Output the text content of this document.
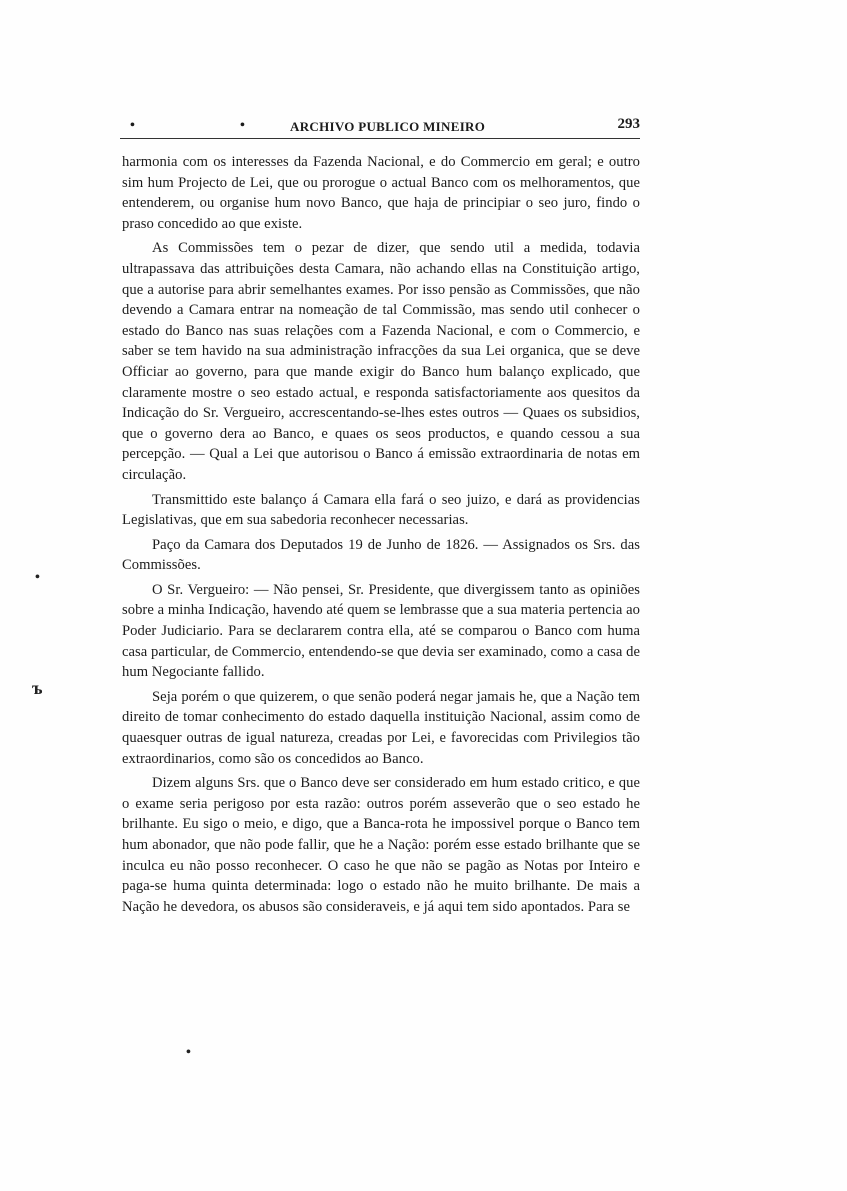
•	•	ARCHIVO PUBLICO MINEIRO	293

harmonia com os interesses da Fazenda Nacional, e do Commercio em geral; e outro sim hum Projecto de Lei, que ou prorogue o actual Banco com os melhoramentos, que entenderem, ou organise hum novo Banco, que haja de principiar o seo juro, findo o praso concedido ao que existe.

As Commissões tem o pezar de dizer, que sendo util a medida, todavia ultrapassava das attribuições desta Camara, não achando ellas na Constituição artigo, que a autorise para abrir semelhantes exames. Por isso pensão as Commissões, que não devendo a Camara entrar na nomeação de tal Commissão, mas sendo util conhecer o estado do Banco nas suas relações com a Fazenda Nacional, e com o Commercio, e saber se tem havido na sua administração infracções da sua Lei organica, que se deve Officiar ao governo, para que mande exigir do Banco hum balanço explicado, que claramente mostre o seo estado actual, e responda satisfactoriamente aos quesitos da Indicação do Sr. Vergueiro, accrescentando-se-lhes estes outros — Quaes os subsidios, que o governo dera ao Banco, e quaes os seos productos, e quando cessou a sua percepção. — Qual a Lei que autorisou o Banco á emissão extraordinaria de notas em circulação.

Transmittido este balanço á Camara ella fará o seo juizo, e dará as providencias Legislativas, que em sua sabedoria reconhecer necessarias.

Paço da Camara dos Deputados 19 de Junho de 1826. — Assignados os Srs. das Commissões.

O Sr. Vergueiro: — Não pensei, Sr. Presidente, que divergissem tanto as opiniões sobre a minha Indicação, havendo até quem se lembrasse que a sua materia pertencia ao Poder Judiciario. Para se declararem contra ella, até se comparou o Banco com huma casa particular, de Commercio, entendendo-se que devia ser examinado, como a casa de hum Negociante fallido.

Seja porém o que quizerem, o que senão poderá negar jamais he, que a Nação tem direito de tomar conhecimento do estado daquella instituição Nacional, assim como de quaesquer outras de igual natureza, creadas por Lei, e favorecidas com Privilegios tão extraordinarios, como são os concedidos ao Banco.

Dizem alguns Srs. que o Banco deve ser considerado em hum estado critico, e que o exame seria perigoso por esta razão: outros porém asseverão que o seo estado he brilhante. Eu sigo o meio, e digo, que a Banca-rota he impossivel porque o Banco tem hum abonador, que não pode fallir, que he a Nação: porém esse estado brilhante que se inculca eu não posso reconhecer. O caso he que não se pagão as Notas por Inteiro e paga-se huma quinta determinada: logo o estado não he muito brilhante. De mais a Nação he devedora, os abusos são consideraveis, e já aqui tem sido apontados. Para se

•
ъ
•
